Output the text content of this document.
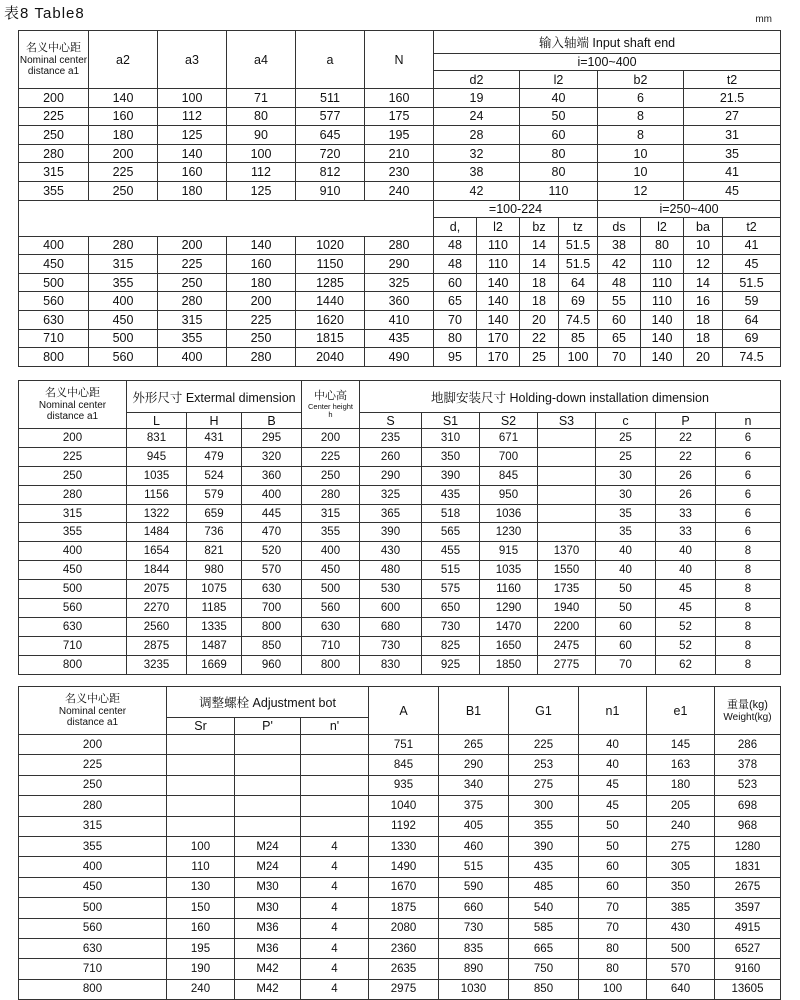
表8 Table8	mm
名义中心距
Nominal center
distance a1	a2	a3	a4	a	N	输入轴端 Input shaft end							
						i=100~400							
						d2		l2		b2		t2	
200	140	100	71	511	160	19		40		6		21.5	
225	160	112	80	577	175	24		50		8		27	
250	180	125	90	645	195	28		60		8		31	
280	200	140	100	720	210	32		80		10		35	
315	225	160	112	812	230	38		80		10		41	
355	250	180	125	910	240	42		110		12		45	
						=100-224				i=250~400			
						d,	l2	bz	tz	ds	l2	ba	t2
400	280	200	140	1020	280	48	110	14	51.5	38	80	10	41
450	315	225	160	1150	290	48	110	14	51.5	42	110	12	45
500	355	250	180	1285	325	60	140	18	64	48	110	14	51.5
560	400	280	200	1440	360	65	140	18	69	55	110	16	59
630	450	315	225	1620	410	70	140	20	74.5	60	140	18	64
710	500	355	250	1815	435	80	170	22	85	65	140	18	69
800	560	400	280	2040	490	95	170	25	100	70	140	20	74.5
名义中心距
Nominal center
distance a1	外形尺寸 Extermal dimension			中心高
Center height
h	地脚安装尺寸 Holding-down installation dimension						
	L	H	B		S	S1	S2	S3	c	P	n
200	831	431	295	200	235	310	671		25	22	6
225	945	479	320	225	260	350	700		25	22	6
250	1035	524	360	250	290	390	845		30	26	6
280	1156	579	400	280	325	435	950		30	26	6
315	1322	659	445	315	365	518	1036		35	33	6
355	1484	736	470	355	390	565	1230		35	33	6
400	1654	821	520	400	430	455	915	1370	40	40	8
450	1844	980	570	450	480	515	1035	1550	40	40	8
500	2075	1075	630	500	530	575	1160	1735	50	45	8
560	2270	1185	700	560	600	650	1290	1940	50	45	8
630	2560	1335	800	630	680	730	1470	2200	60	52	8
710	2875	1487	850	710	730	825	1650	2475	60	52	8
800	3235	1669	960	800	830	925	1850	2775	70	62	8
名义中心距
Nominal center
distance a1	调整螺栓 Adjustment bot			A	B1	G1	n1	e1	重量(kg)
Weight(kg)

	Sr	P'	n'						
200				751	265	225	40	145	286
225				845	290	253	40	163	378
250				935	340	275	45	180	523
280				1040	375	300	45	205	698
315				1192	405	355	50	240	968
355	100	M24	4	1330	460	390	50	275	1280
400	110	M24	4	1490	515	435	60	305	1831
450	130	M30	4	1670	590	485	60	350	2675
500	150	M30	4	1875	660	540	70	385	3597
560	160	M36	4	2080	730	585	70	430	4915
630	195	M36	4	2360	835	665	80	500	6527
710	190	M42	4	2635	890	750	80	570	9160
800	240	M42	4	2975	1030	850	100	640	13605
